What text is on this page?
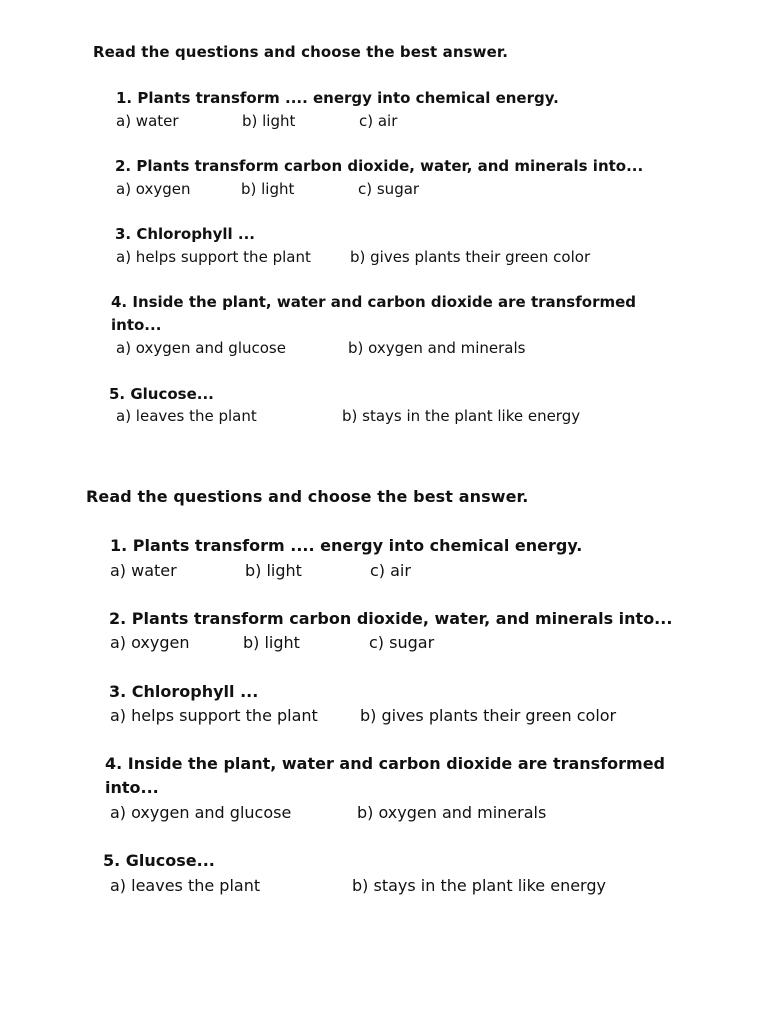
Read the questions and choose the best answer.
1. Plants transform .... energy into chemical energy.
a) water	b) light	c) air
2. Plants transform carbon dioxide, water, and minerals into...
a) oxygen	b) light	c) sugar
3. Chlorophyll ...
a) helps support the plant	b) gives plants their green color
4. Inside the plant, water and carbon dioxide are transformed
into...
a) oxygen and glucose	b) oxygen and minerals
5. Glucose...
a) leaves the plant	b) stays in the plant like energy
Read the questions and choose the best answer.
1. Plants transform .... energy into chemical energy.
a) water	b) light	c) air
2. Plants transform carbon dioxide, water, and minerals into...
a) oxygen	b) light	c) sugar
3. Chlorophyll ...
a) helps support the plant	b) gives plants their green color
4. Inside the plant, water and carbon dioxide are transformed
into...
a) oxygen and glucose	b) oxygen and minerals
5. Glucose...
a) leaves the plant	b) stays in the plant like energy
